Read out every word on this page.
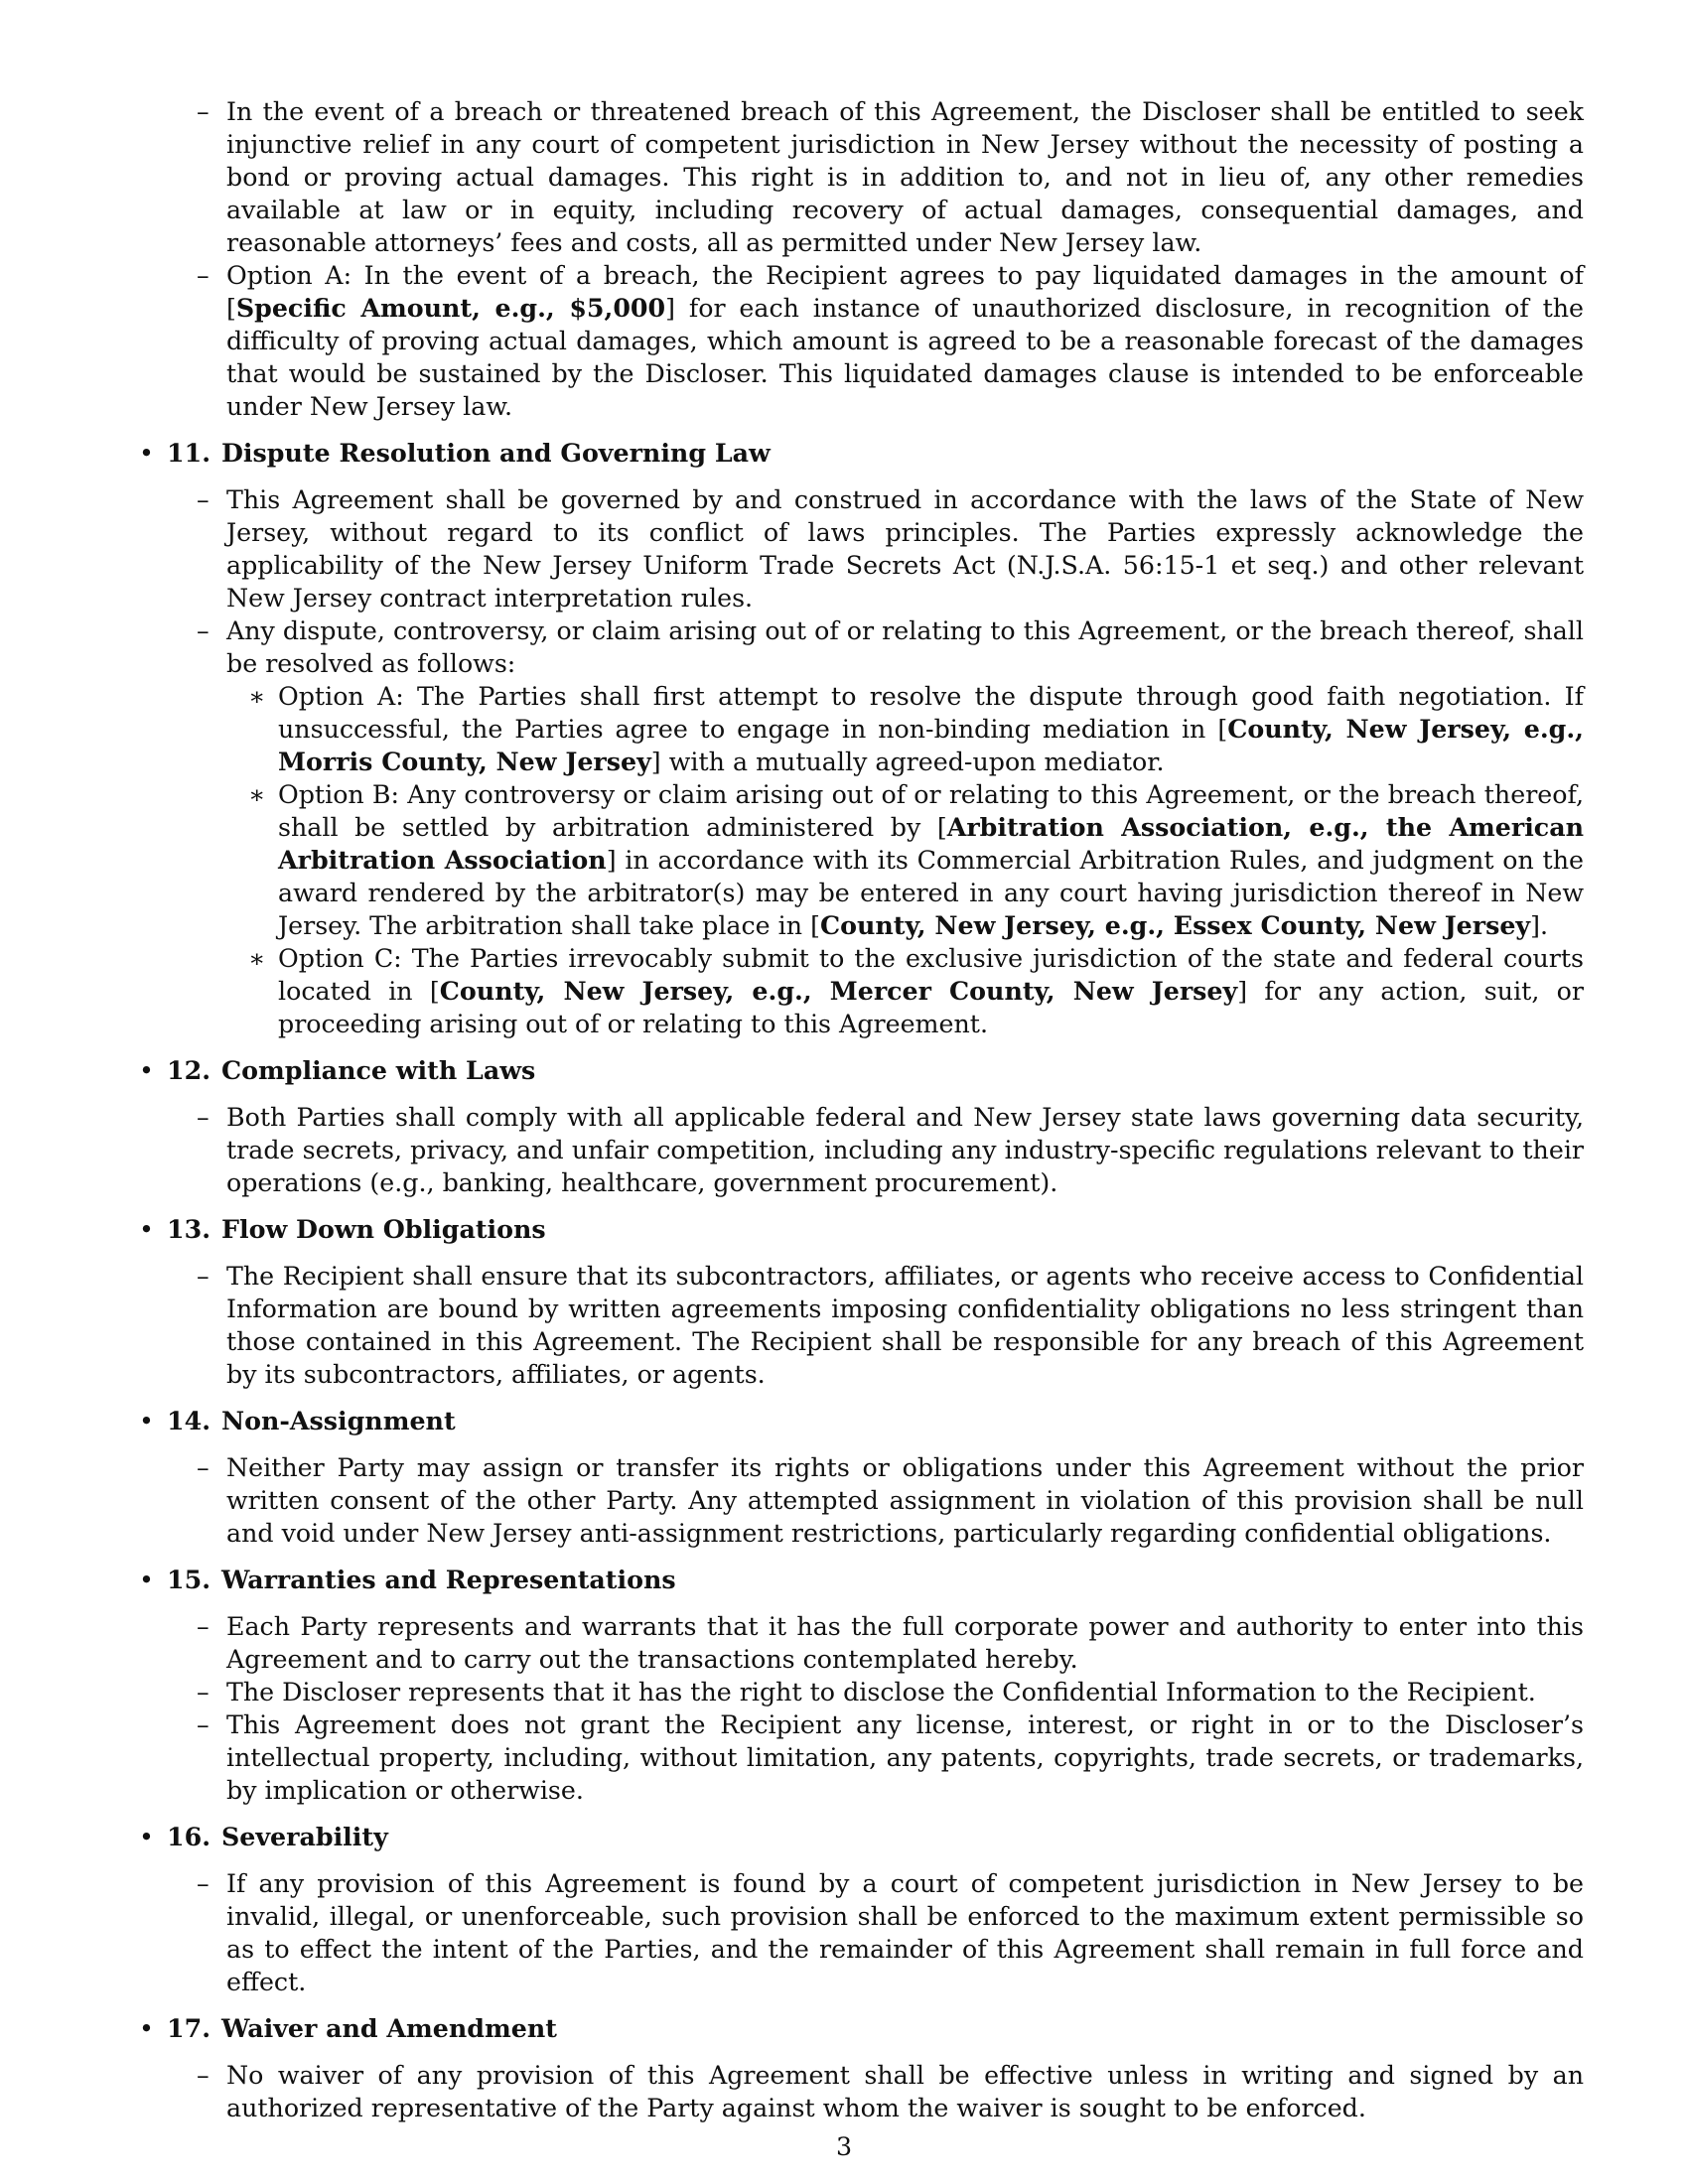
– In the event of a breach or threatened breach of this Agreement, the Discloser shall be entitled to seek injunctive relief in any court of competent jurisdiction in New Jersey without the necessity of posting a bond or proving actual damages. This right is in addition to, and not in lieu of, any other remedies available at law or in equity, including recovery of actual damages, consequential damages, and reasonable attorneys’ fees and costs, all as permitted under New Jersey law.
– Option A: In the event of a breach, the Recipient agrees to pay liquidated damages in the amount of [Specific Amount, e.g., $5,000] for each instance of unauthorized disclosure, in recognition of the difficulty of proving actual damages, which amount is agreed to be a reasonable forecast of the damages that would be sustained by the Discloser. This liquidated damages clause is intended to be enforceable under New Jersey law.
• 11. Dispute Resolution and Governing Law
– This Agreement shall be governed by and construed in accordance with the laws of the State of New Jersey, without regard to its conflict of laws principles. The Parties expressly acknowledge the applicability of the New Jersey Uniform Trade Secrets Act (N.J.S.A. 56:15-1 et seq.) and other relevant New Jersey contract interpretation rules.
– Any dispute, controversy, or claim arising out of or relating to this Agreement, or the breach thereof, shall be resolved as follows:
∗ Option A: The Parties shall first attempt to resolve the dispute through good faith negotiation. If unsuccessful, the Parties agree to engage in non-binding mediation in [County, New Jersey, e.g., Morris County, New Jersey] with a mutually agreed-upon mediator.
∗ Option B: Any controversy or claim arising out of or relating to this Agreement, or the breach thereof, shall be settled by arbitration administered by [Arbitration Association, e.g., the American Arbitration Association] in accordance with its Commercial Arbitration Rules, and judgment on the award rendered by the arbitrator(s) may be entered in any court having jurisdiction thereof in New Jersey. The arbitration shall take place in [County, New Jersey, e.g., Essex County, New Jersey].
∗ Option C: The Parties irrevocably submit to the exclusive jurisdiction of the state and federal courts located in [County, New Jersey, e.g., Mercer County, New Jersey] for any action, suit, or proceeding arising out of or relating to this Agreement.
• 12. Compliance with Laws
– Both Parties shall comply with all applicable federal and New Jersey state laws governing data security, trade secrets, privacy, and unfair competition, including any industry-specific regulations relevant to their operations (e.g., banking, healthcare, government procurement).
• 13. Flow Down Obligations
– The Recipient shall ensure that its subcontractors, affiliates, or agents who receive access to Confidential Information are bound by written agreements imposing confidentiality obligations no less stringent than those contained in this Agreement. The Recipient shall be responsible for any breach of this Agreement by its subcontractors, affiliates, or agents.
• 14. Non-Assignment
– Neither Party may assign or transfer its rights or obligations under this Agreement without the prior written consent of the other Party. Any attempted assignment in violation of this provision shall be null and void under New Jersey anti-assignment restrictions, particularly regarding confidential obligations.
• 15. Warranties and Representations
– Each Party represents and warrants that it has the full corporate power and authority to enter into this Agreement and to carry out the transactions contemplated hereby.
– The Discloser represents that it has the right to disclose the Confidential Information to the Recipient.
– This Agreement does not grant the Recipient any license, interest, or right in or to the Discloser’s intellectual property, including, without limitation, any patents, copyrights, trade secrets, or trademarks, by implication or otherwise.
• 16. Severability
– If any provision of this Agreement is found by a court of competent jurisdiction in New Jersey to be invalid, illegal, or unenforceable, such provision shall be enforced to the maximum extent permissible so as to effect the intent of the Parties, and the remainder of this Agreement shall remain in full force and effect.
• 17. Waiver and Amendment
– No waiver of any provision of this Agreement shall be effective unless in writing and signed by an authorized representative of the Party against whom the waiver is sought to be enforced.
3
